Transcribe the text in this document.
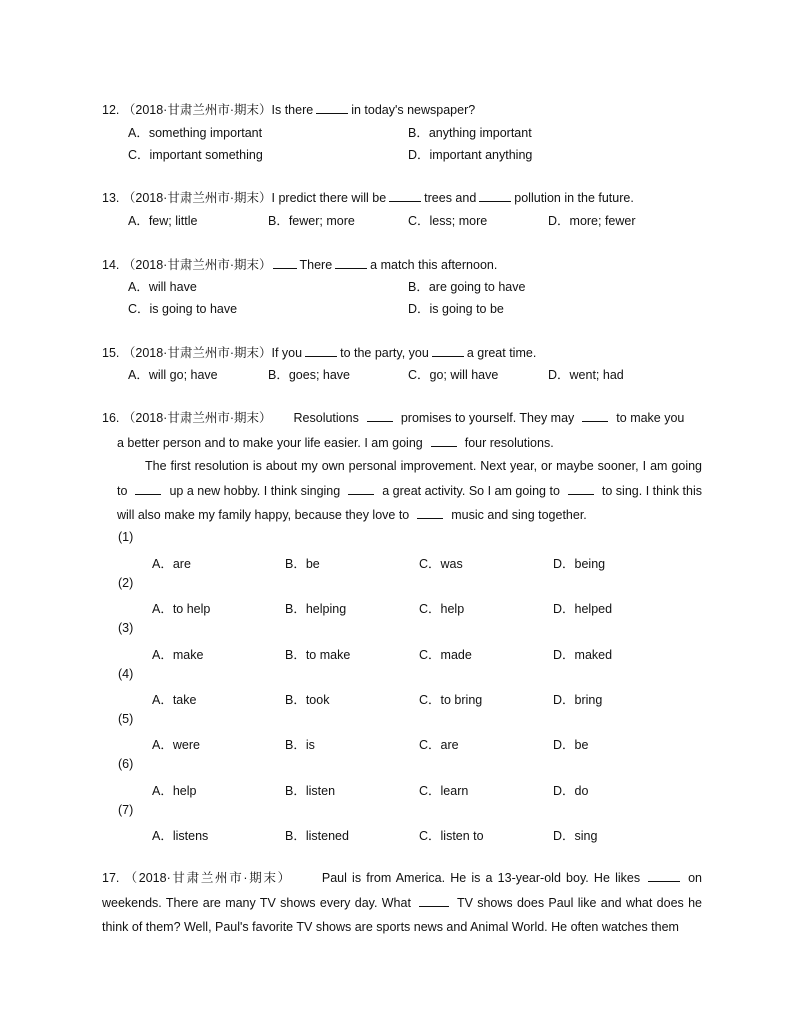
12. （2018·甘肃兰州市·期末）Is there	in today's newspaper?
A．something important	B．anything important
C．important something	D．important anything
13. （2018·甘肃兰州市·期末）I predict there will be	trees and	pollution in the future.
A．few; little	B．fewer; more	C．less; more	D．more; fewer
14. （2018·甘肃兰州市·期末） There	a match this afternoon.
A．will have	B．are going to have
C．is going to have	D．is going to be
15. （2018·甘肃兰州市·期末）If you	to the party, you	a great time.
A．will go; have	B．goes; have	C．go; will have	D．went; had
16. （2018·甘肃兰州市·期末） Resolutions	promises to yourself. They may	to make you
a better person and to make your life easier. I am going	four resolutions.
The first resolution is about my own personal improvement. Next year, or maybe sooner, I am going to	up a new hobby. I think singing	a great activity. So I am going to	to sing. I think this will also make my family happy, because they love to	music and sing together.
(1)
A．are	B．be	C．was	D．being
(2)
A．to help	B．helping	C．help	D．helped
(3)
A．make	B．to make	C．made	D．maked
(4)
A．take	B．took	C．to bring	D．bring
(5)
A．were	B．is	C．are	D．be
(6)
A．help	B．listen	C．learn	D．do
(7)
A．listens	B．listened	C．listen to	D．sing
17. （2018·甘肃兰州市·期末） Paul is from America. He is a 13-year-old boy. He likes	on weekends. There are many TV shows every day. What	TV shows does Paul like and what does he think of them? Well, Paul's favorite TV shows are sports news and Animal World. He often watches them
